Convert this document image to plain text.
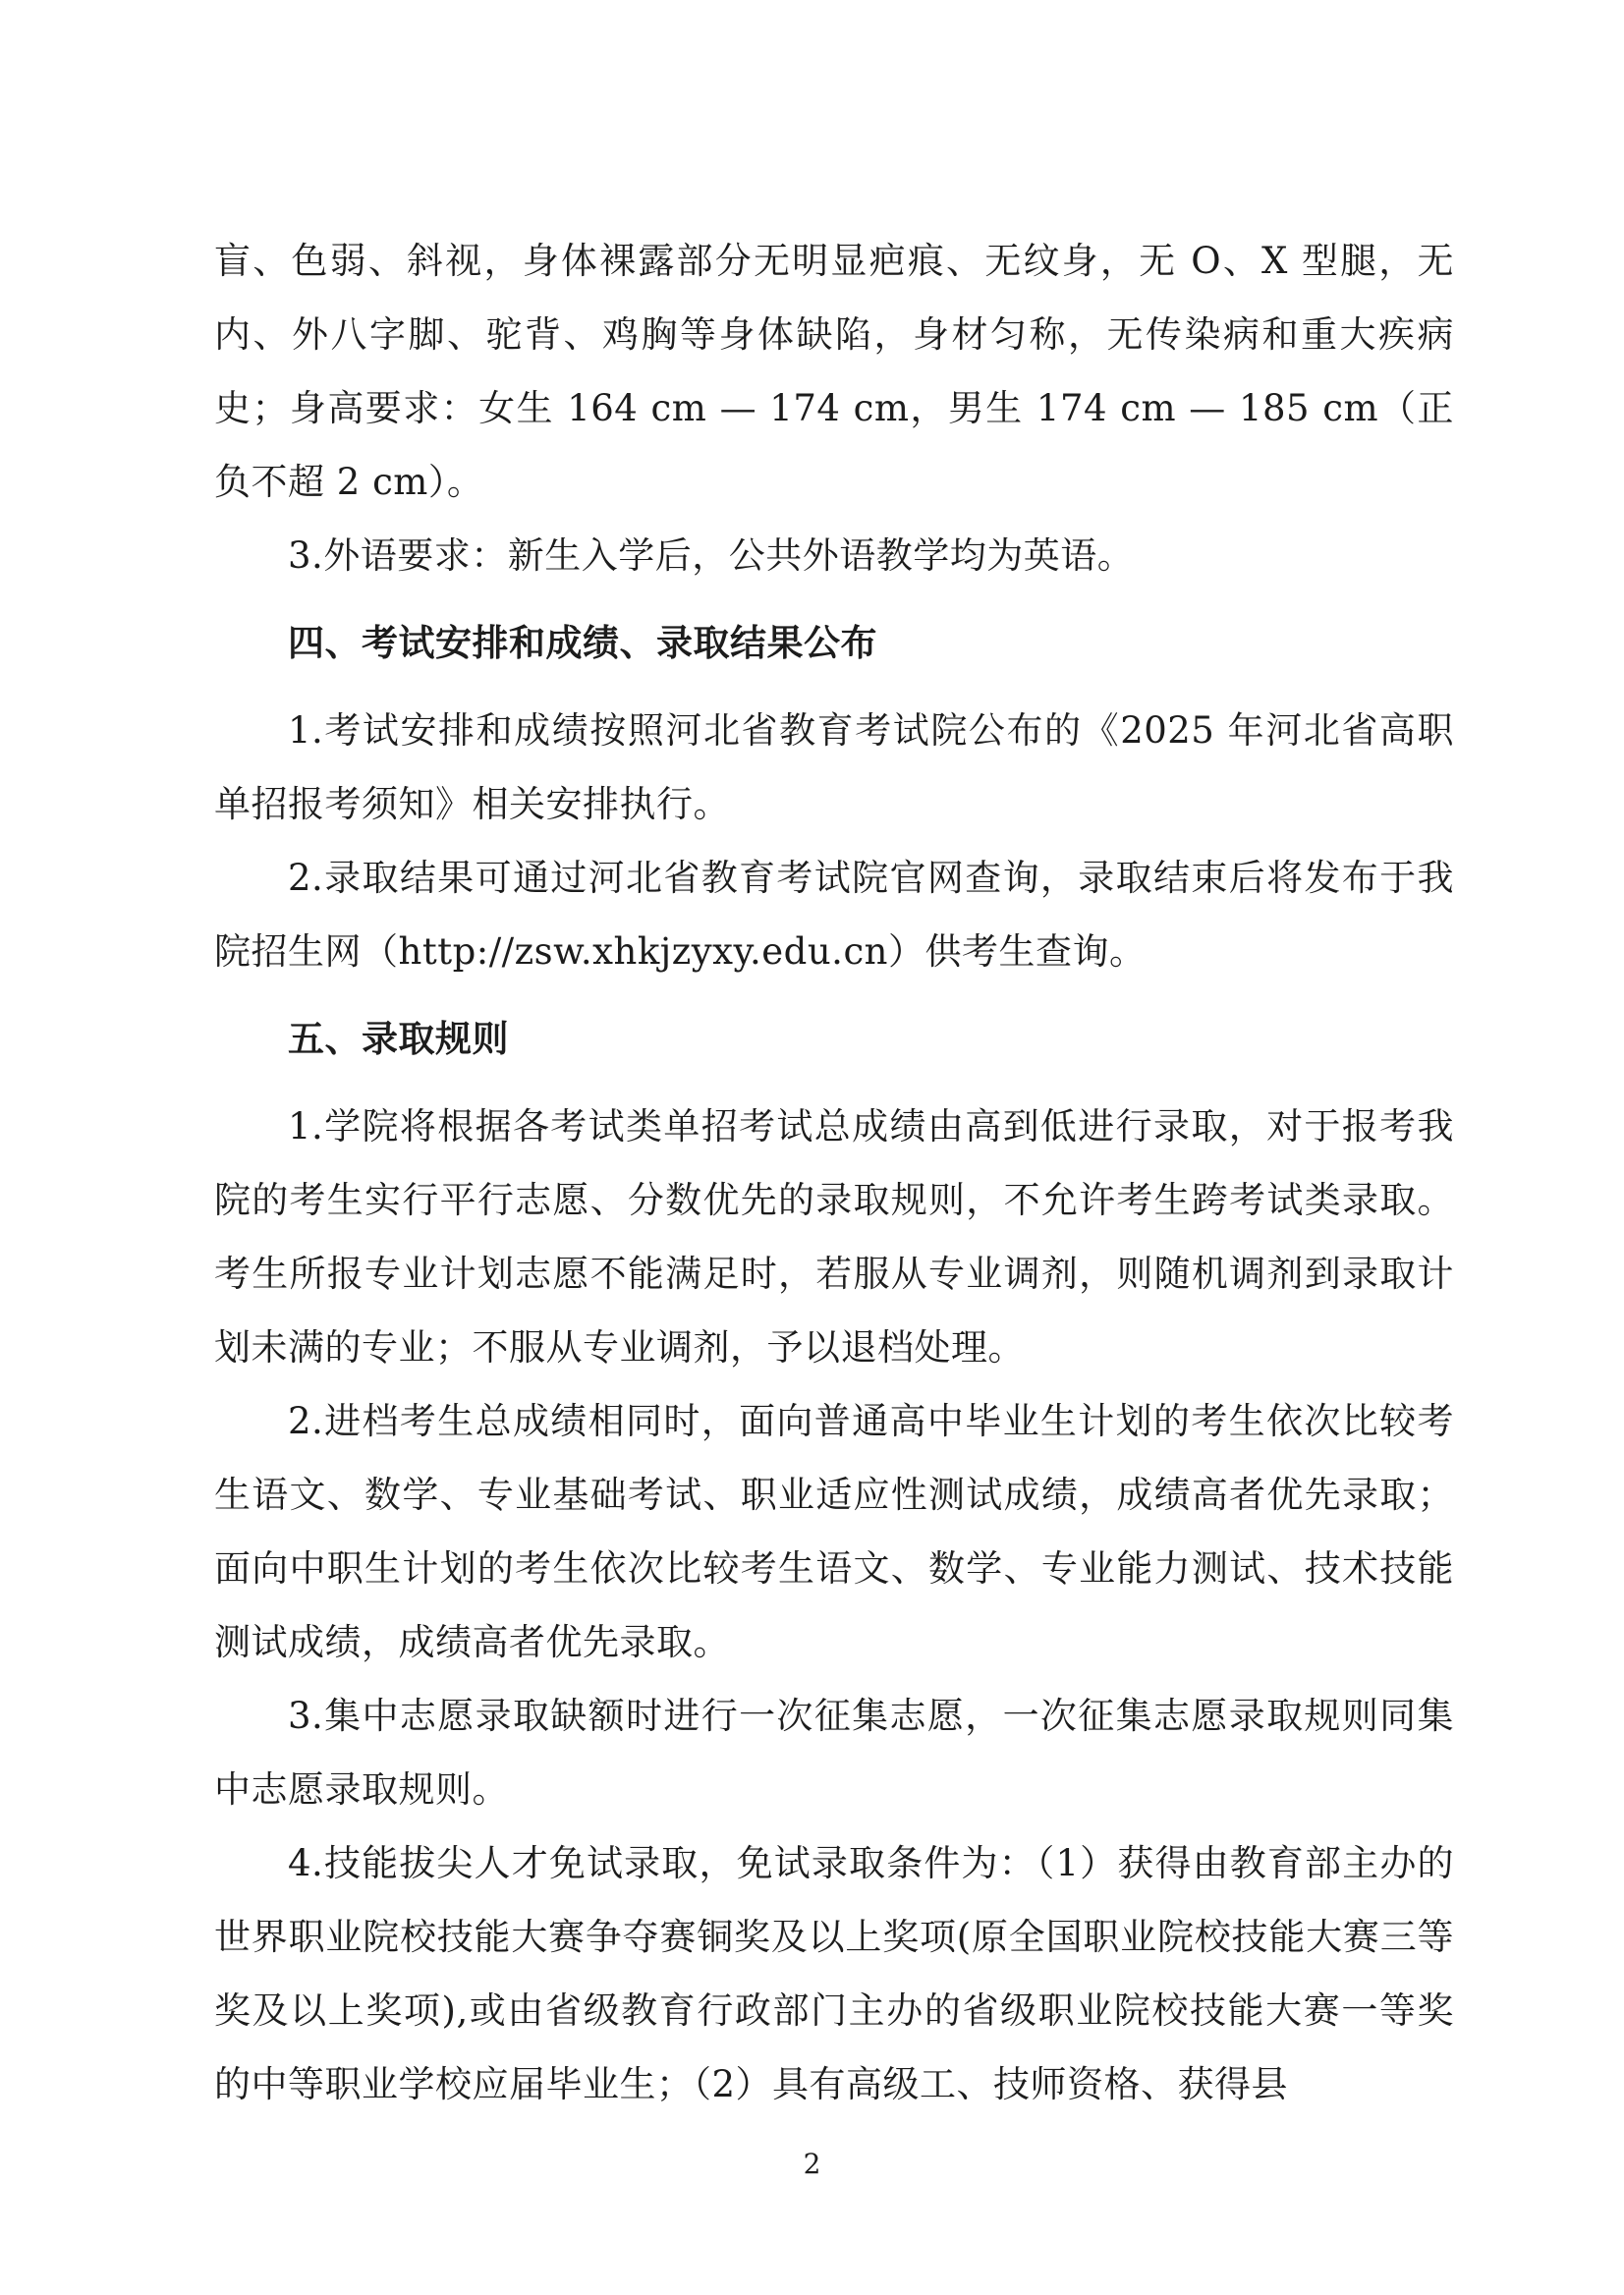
盲、色弱、斜视，身体裸露部分无明显疤痕、无纹身，无 O、X 型腿，无内、外八字脚、驼背、鸡胸等身体缺陷，身材匀称，无传染病和重大疾病史；身高要求：女生 164 cm — 174 cm，男生 174 cm — 185 cm（正负不超 2 cm）。

3.外语要求：新生入学后，公共外语教学均为英语。

四、考试安排和成绩、录取结果公布

1.考试安排和成绩按照河北省教育考试院公布的《2025 年河北省高职单招报考须知》相关安排执行。

2.录取结果可通过河北省教育考试院官网查询，录取结束后将发布于我院招生网（http://zsw.xhkjzyxy.edu.cn）供考生查询。

五、录取规则

1.学院将根据各考试类单招考试总成绩由高到低进行录取，对于报考我院的考生实行平行志愿、分数优先的录取规则，不允许考生跨考试类录取。考生所报专业计划志愿不能满足时，若服从专业调剂，则随机调剂到录取计划未满的专业；不服从专业调剂，予以退档处理。

2.进档考生总成绩相同时，面向普通高中毕业生计划的考生依次比较考生语文、数学、专业基础考试、职业适应性测试成绩，成绩高者优先录取；面向中职生计划的考生依次比较考生语文、数学、专业能力测试、技术技能测试成绩，成绩高者优先录取。

3.集中志愿录取缺额时进行一次征集志愿，一次征集志愿录取规则同集中志愿录取规则。

4.技能拔尖人才免试录取，免试录取条件为：（1）获得由教育部主办的世界职业院校技能大赛争夺赛铜奖及以上奖项(原全国职业院校技能大赛三等奖及以上奖项),或由省级教育行政部门主办的省级职业院校技能大赛一等奖的中等职业学校应届毕业生；（2）具有高级工、技师资格、获得县

2
